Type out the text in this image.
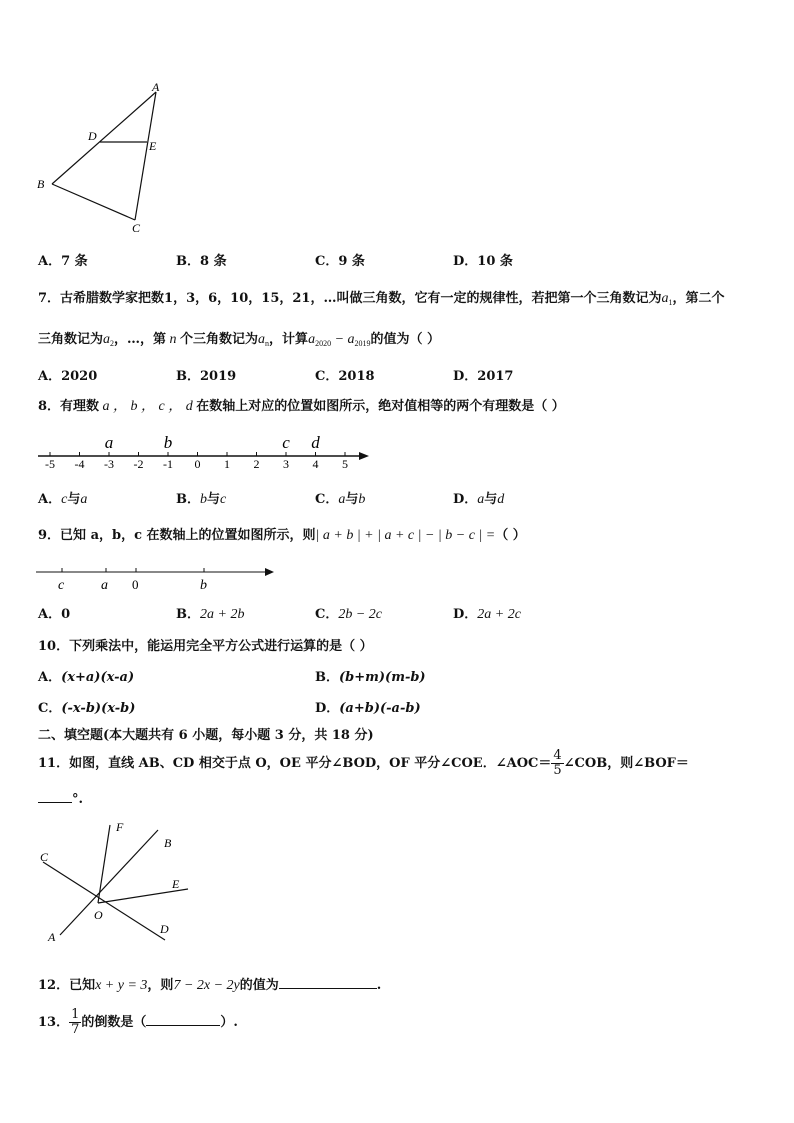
A
D
E
B
C
A．7 条	B．8 条	C．9 条	D．10 条
7．古希腊数学家把数1，3，6，10，15，21，…叫做三角数，它有一定的规律性，若把第一个三角数记为$a_1$，第二个
三角数记为$a_2$，…，第 n 个三角数记为$a_n$，计算$a_{2020} - a_{2019}$的值为（ ）
A．2020	B．2019	C．2018	D．2017
8．有理数 a ， b ， c ， d 在数轴上对应的位置如图所示，绝对值相等的两个有理数是（ ）
-5 -4 -3 -2 -1 0 1 2 3 4 5
a	b	c d
A．c与a	B．b与c	C．a与b	D．a与d
9．已知 a，b，c 在数轴上的位置如图所示，则| a + b | + | a + c | − | b − c | =（ ）
c	a 0	b
A．0	B．2a + 2b	C．2b − 2c	D．2a + 2c
10．下列乘法中，能运用完全平方公式进行运算的是（ ）
A．(x+a)(x-a)	B．(b+m)(m-b)
C．(-x-b)(x-b)	D．(a+b)(-a-b)
二、填空题(本大题共有 6 小题，每小题 3 分，共 18 分)
11．如图，直线 AB、CD 相交于点 O，OE 平分∠BOD，OF 平分∠COE．∠AOC＝ $\frac{4}{5}$ ∠COB，则∠BOF＝
°.
F
B
C
E
O
A
D
12．已知x + y = 3，则7 − 2x − 2y的值为	.
13． $\frac{1}{7}$ 的倒数是（	）.
